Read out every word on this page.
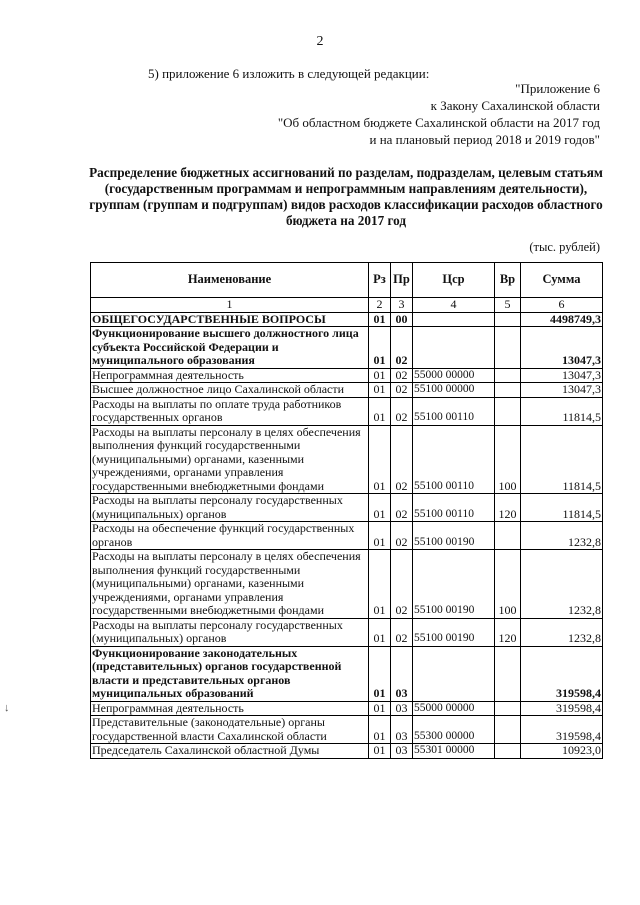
2
5) приложение 6 изложить в следующей редакции:
"Приложение 6
к Закону Сахалинской области
"Об областном бюджете Сахалинской области на 2017 год
и на плановый период 2018 и 2019 годов"
Распределение бюджетных ассигнований по разделам, подразделам, целевым статьям (государственным программам и непрограммным направлениям деятельности), группам (группам и подгруппам) видов расходов классификации расходов областного бюджета на 2017 год
(тыс. рублей)
Наименование	Рз	Пр	Цср	Вр	Сумма
1	2	3	4	5	6
ОБЩЕГОСУДАРСТВЕННЫЕ ВОПРОСЫ	01	00			4498749,3
Функционирование высшего должностного лица субъекта Российской Федерации и муниципального образования	01	02			13047,3
Непрограммная деятельность	01	02	55000 00000		13047,3
Высшее должностное лицо Сахалинской области	01	02	55100 00000		13047,3
Расходы на выплаты по оплате труда работников государственных органов	01	02	55100 00110		11814,5
Расходы на выплаты персоналу в целях обеспечения выполнения функций государственными (муниципальными) органами, казенными учреждениями, органами управления государственными внебюджетными фондами	01	02	55100 00110	100	11814,5
Расходы на выплаты персоналу государственных (муниципальных) органов	01	02	55100 00110	120	11814,5
Расходы на обеспечение функций государственных органов	01	02	55100 00190		1232,8
Расходы на выплаты персоналу в целях обеспечения выполнения функций государственными (муниципальными) органами, казенными учреждениями, органами управления государственными внебюджетными фондами	01	02	55100 00190	100	1232,8
Расходы на выплаты персоналу государственных (муниципальных) органов	01	02	55100 00190	120	1232,8
Функционирование законодательных (представительных) органов государственной власти и представительных органов муниципальных образований	01	03			319598,4
Непрограммная деятельность	01	03	55000 00000		319598,4
Представительные (законодательные) органы государственной власти Сахалинской области	01	03	55300 00000		319598,4
Председатель Сахалинской областной Думы	01	03	55301 00000		10923,0
↓
